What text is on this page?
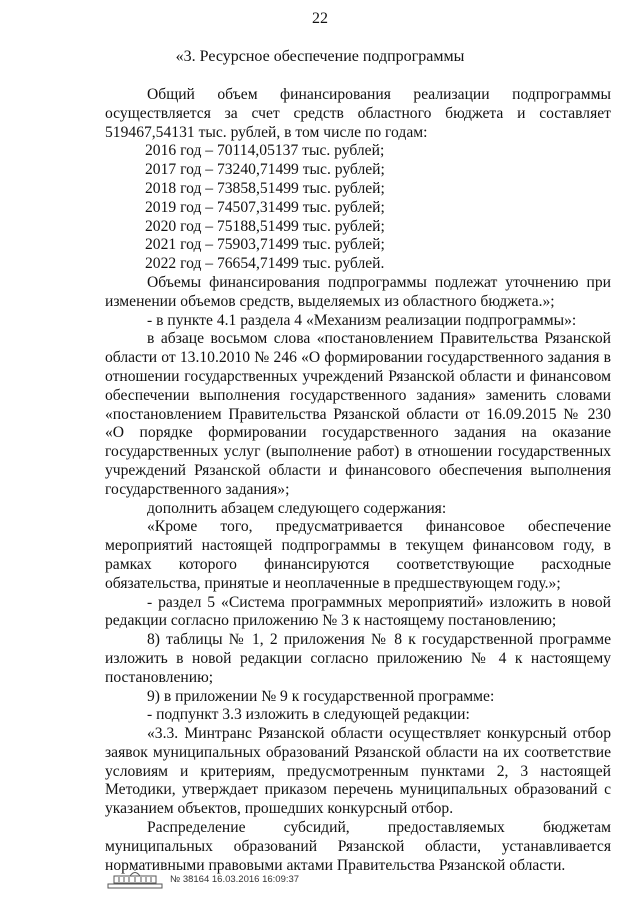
22
«3. Ресурсное обеспечение подпрограммы

Общий объем финансирования реализации подпрограммы осуществляется за счет средств областного бюджета и составляет 519467,54131 тыс. рублей, в том числе по годам:

2016 год – 70114,05137 тыс. рублей;
2017 год – 73240,71499 тыс. рублей;
2018 год – 73858,51499 тыс. рублей;
2019 год – 74507,31499 тыс. рублей;
2020 год – 75188,51499 тыс. рублей;
2021 год – 75903,71499 тыс. рублей;
2022 год – 76654,71499 тыс. рублей.

Объемы финансирования подпрограммы подлежат уточнению при изменении объемов средств, выделяемых из областного бюджета.»;

- в пункте 4.1 раздела 4 «Механизм реализации подпрограммы»:

в абзаце восьмом слова «постановлением Правительства Рязанской области от 13.10.2010 № 246 «О формировании государственного задания в отношении государственных учреждений Рязанской области и финансовом обеспечении выполнения государственного задания» заменить словами «постановлением Правительства Рязанской области от 16.09.2015 № 230 «О порядке формировании государственного задания на оказание государственных услуг (выполнение работ) в отношении государственных учреждений Рязанской области и финансового обеспечения выполнения государственного задания»;

дополнить абзацем следующего содержания:

«Кроме того, предусматривается финансовое обеспечение мероприятий настоящей подпрограммы в текущем финансовом году, в рамках которого финансируются соответствующие расходные обязательства, принятые и неоплаченные в предшествующем году.»;

- раздел 5 «Система программных мероприятий» изложить в новой редакции согласно приложению № 3 к настоящему постановлению;

8) таблицы № 1, 2 приложения № 8 к государственной программе изложить в новой редакции согласно приложению № 4 к настоящему постановлению;

9) в приложении № 9 к государственной программе:

- подпункт 3.3 изложить в следующей редакции:

«3.3. Минтранс Рязанской области осуществляет конкурсный отбор заявок муниципальных образований Рязанской области на их соответствие условиям и критериям, предусмотренным пунктами 2, 3 настоящей Методики, утверждает приказом перечень муниципальных образований с указанием объектов, прошедших конкурсный отбор.

Распределение субсидий, предоставляемых бюджетам муниципальных образований Рязанской области, устанавливается нормативными правовыми актами Правительства Рязанской области.

№ 38164 16.03.2016 16:09:37
